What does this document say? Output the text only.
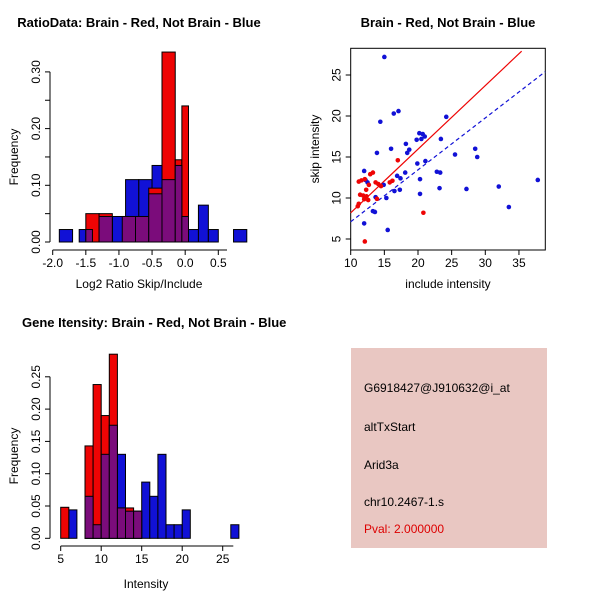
0.00
0.10
0.20
0.30
-2.0 -1.5 -1.0 -0.5 0.0 0.5	10 15 20 25 30 35
5
10
15
20
25
0.00
0.05
0.10
0.15
0.20
0.25
5	10 15 20 25
RatioData: Brain - Red, Not Brain - Blue	Brain - Red, Not Brain - Blue
Gene Itensity: Brain - Red, Not Brain - Blue
Log2 Ratio Skip/Include	include intensity
Intensity
Frequency	skip intensity
Frequency
G6918427@J910632@i_at
altTxStart
Arid3a
chr10.2467-1.s
Pval: 2.000000
